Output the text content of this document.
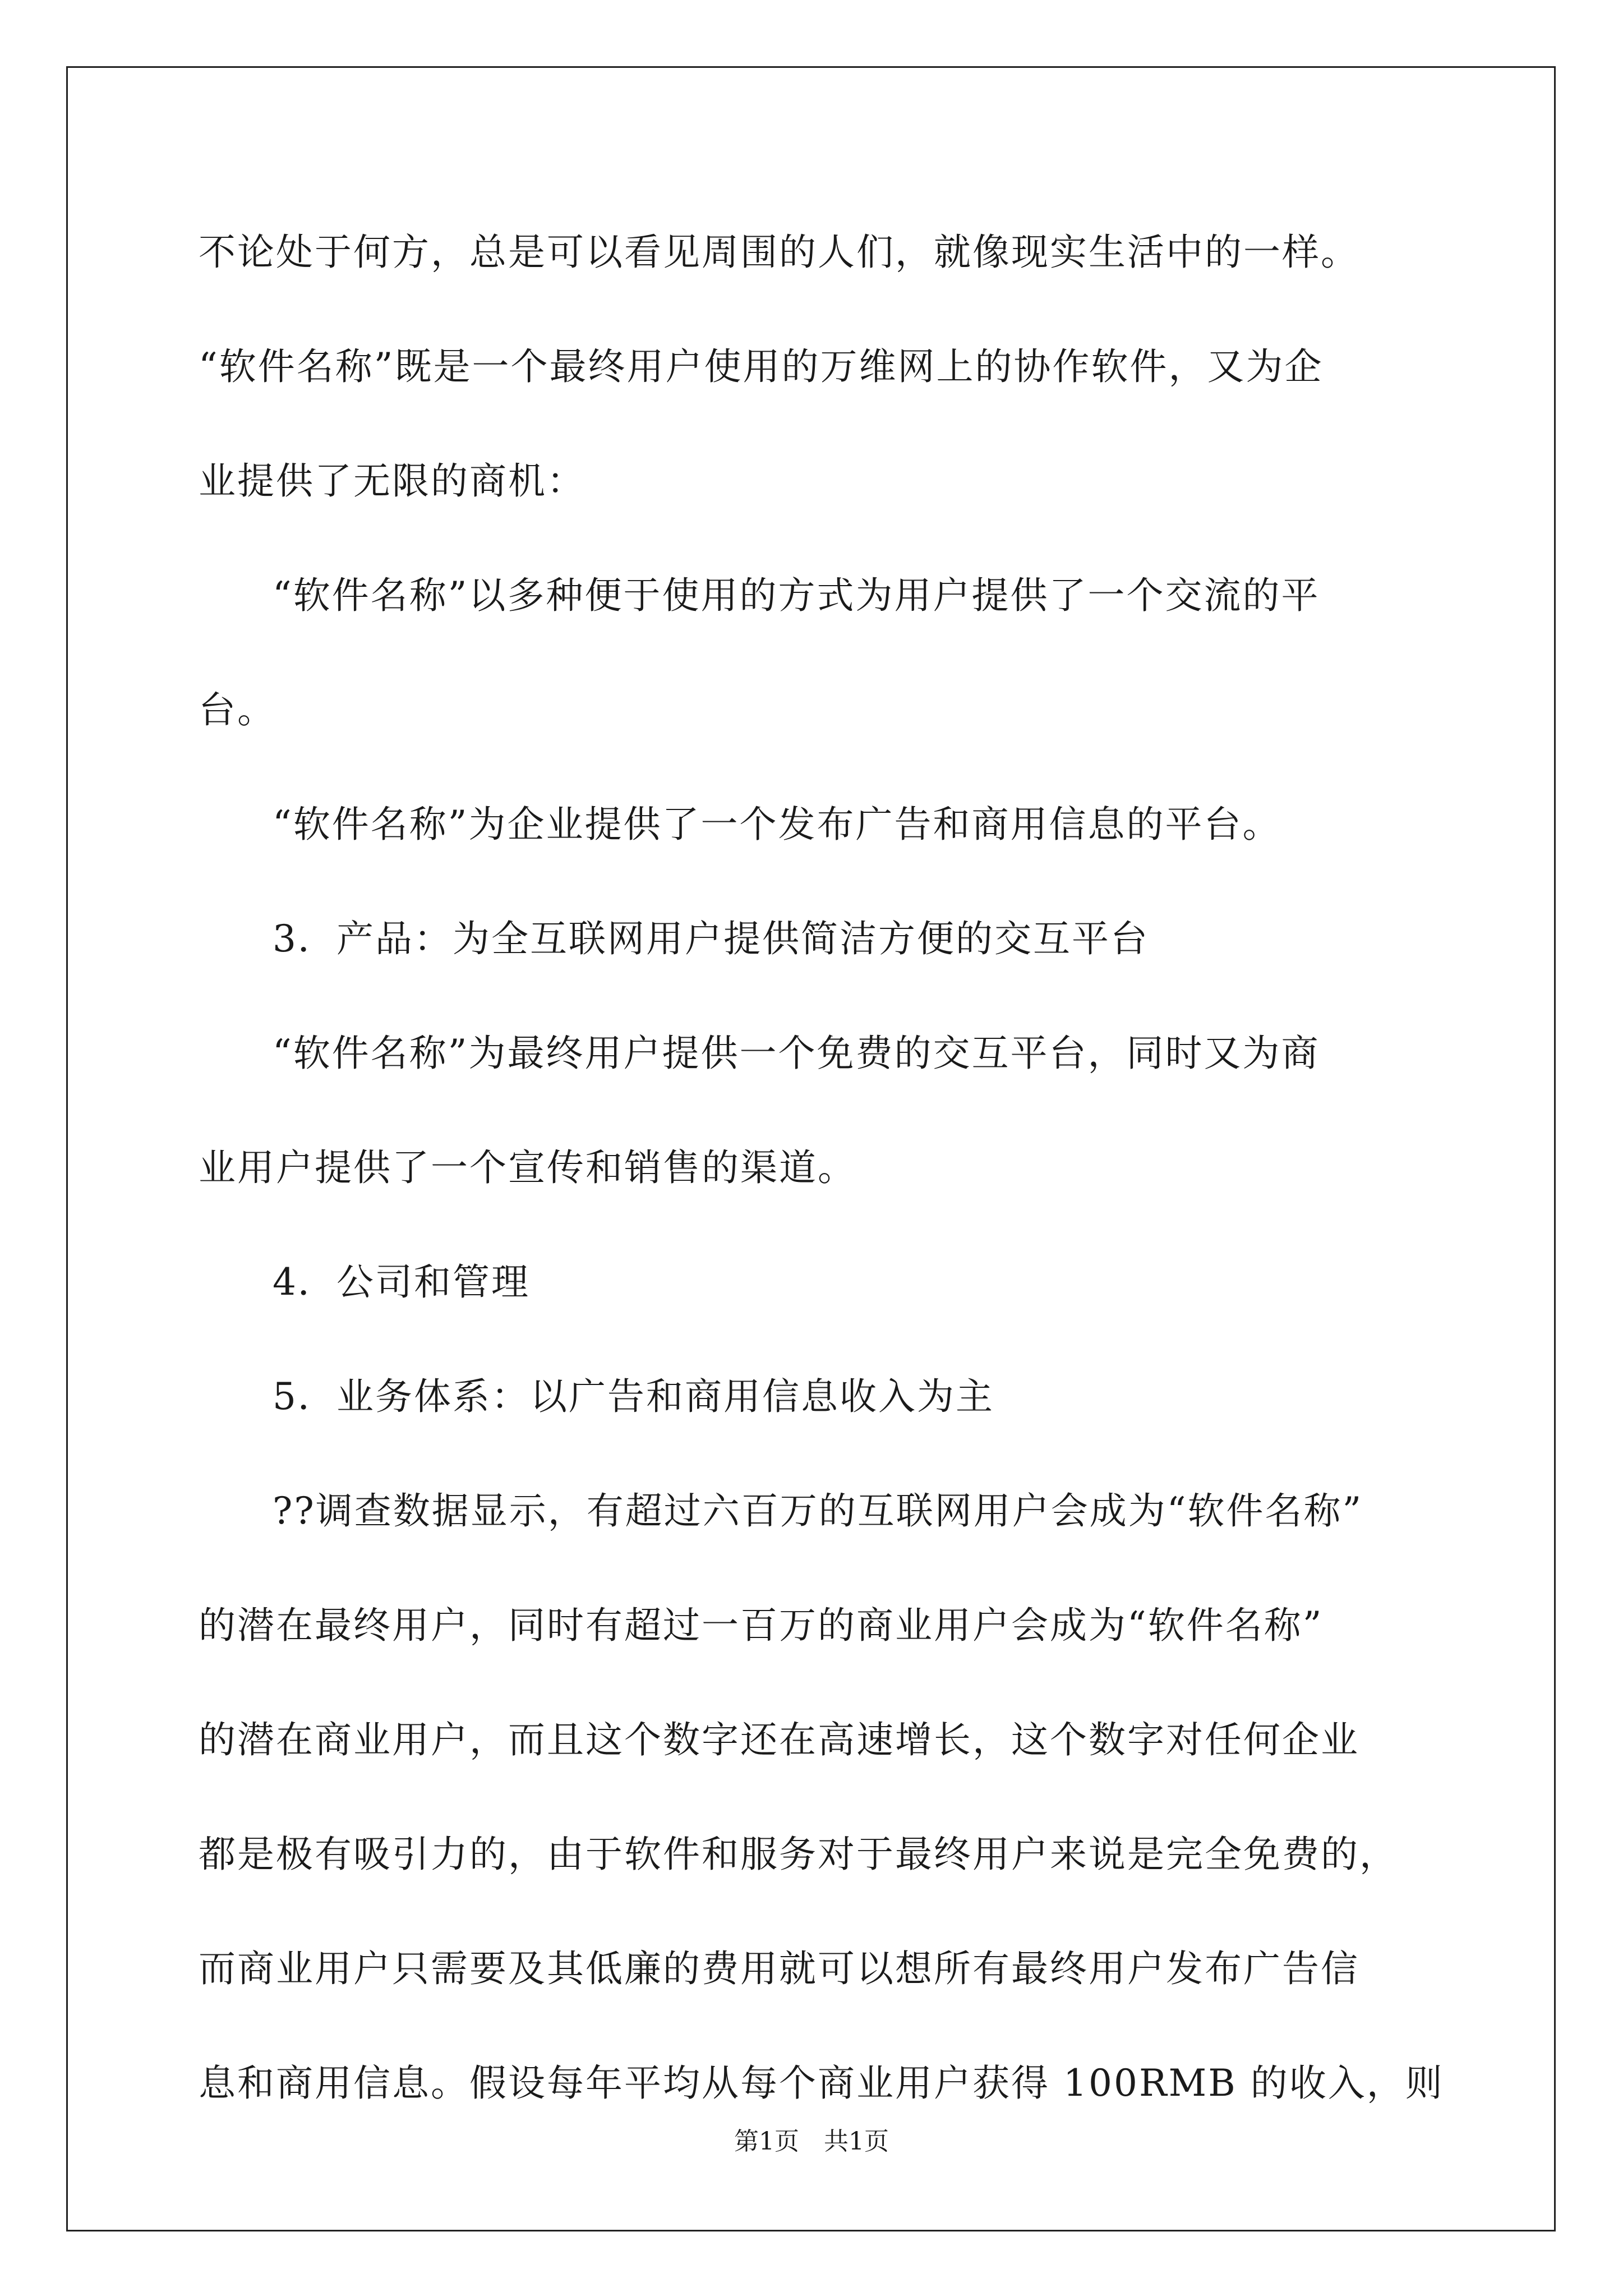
不论处于何方，总是可以看见周围的人们，就像现实生活中的一样。
“软件名称”既是一个最终用户使用的万维网上的协作软件，又为企
业提供了无限的商机：
“软件名称”以多种便于使用的方式为用户提供了一个交流的平
台。
“软件名称”为企业提供了一个发布广告和商用信息的平台。
3．产品：为全互联网用户提供简洁方便的交互平台
“软件名称”为最终用户提供一个免费的交互平台，同时又为商
业用户提供了一个宣传和销售的渠道。
4．公司和管理
5．业务体系：以广告和商用信息收入为主
??调查数据显示，有超过六百万的互联网用户会成为“软件名称”
的潜在最终用户，同时有超过一百万的商业用户会成为“软件名称”
的潜在商业用户，而且这个数字还在高速增长，这个数字对任何企业
都是极有吸引力的，由于软件和服务对于最终用户来说是完全免费的，
而商业用户只需要及其低廉的费用就可以想所有最终用户发布广告信
息和商用信息。假设每年平均从每个商业用户获得 100RMB 的收入，则
第1页 共1页
